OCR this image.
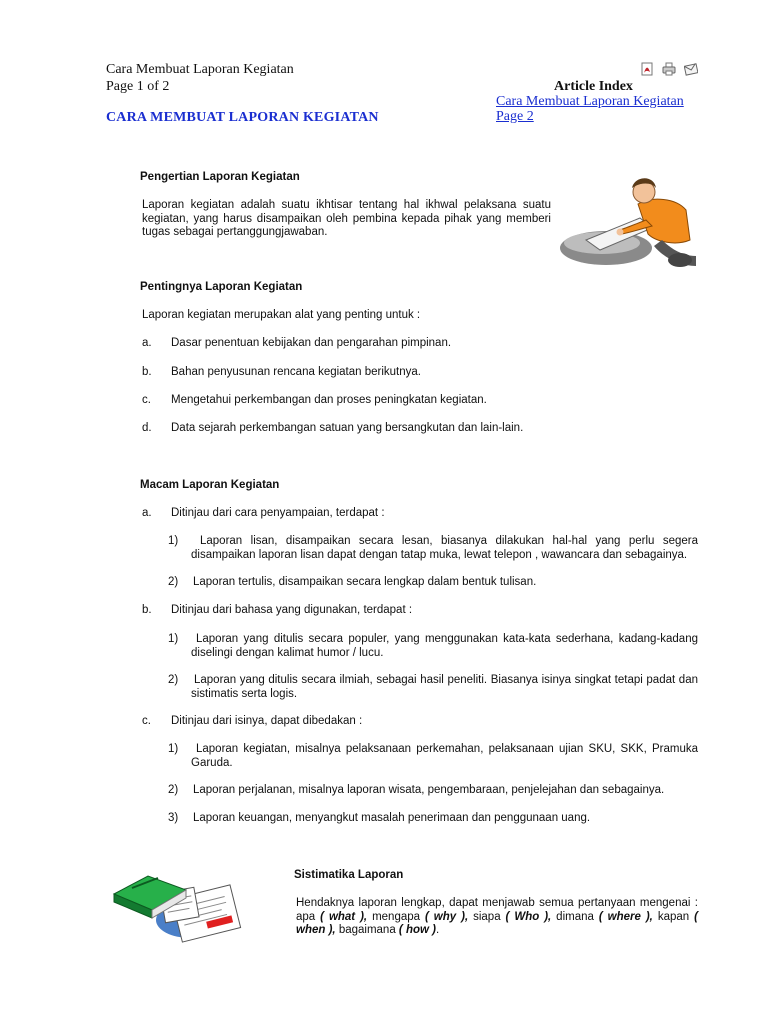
Cara Membuat Laporan Kegiatan
Page 1 of 2
CARA MEMBUAT LAPORAN KEGIATAN
Article Index
Cara Membuat Laporan Kegiatan
Page 2
Pengertian Laporan Kegiatan
Laporan kegiatan adalah suatu ikhtisar tentang hal ikhwal pelaksana suatu kegiatan, yang harus disampaikan oleh pembina kepada pihak yang memberi tugas sebagai pertanggungjawaban.
Pentingnya Laporan Kegiatan
Laporan kegiatan merupakan alat yang penting untuk :
a. Dasar penentuan kebijakan dan pengarahan pimpinan.
b. Bahan penyusunan rencana kegiatan berikutnya.
c. Mengetahui perkembangan dan proses peningkatan kegiatan.
d. Data sejarah perkembangan satuan yang bersangkutan dan lain-lain.
Macam Laporan Kegiatan
a. Ditinjau dari cara penyampaian, terdapat :
1)	Laporan lisan, disampaikan secara lesan, biasanya dilakukan hal-hal yang perlu segera disampaikan laporan lisan dapat dengan tatap muka, lewat telepon , wawancara dan sebagainya.
2) Laporan tertulis, disampaikan secara lengkap dalam bentuk tulisan.
b. Ditinjau dari bahasa yang digunakan, terdapat :
1)	Laporan yang ditulis secara populer, yang menggunakan kata-kata sederhana, kadang-kadang diselingi dengan kalimat humor / lucu.
2) Laporan yang ditulis secara ilmiah, sebagai hasil peneliti. Biasanya isinya singkat tetapi padat dan sistimatis serta logis.
c. Ditinjau dari isinya, dapat dibedakan :
1)	Laporan kegiatan, misalnya pelaksanaan perkemahan, pelaksanaan ujian SKU, SKK, Pramuka Garuda.
2) Laporan perjalanan, misalnya laporan wisata, pengembaraan, penjelejahan dan sebagainya.
3) Laporan keuangan, menyangkut masalah penerimaan dan penggunaan uang.
Sistimatika Laporan
Hendaknya laporan lengkap, dapat menjawab semua pertanyaan mengenai : apa ( what ), mengapa ( why ), siapa ( Who ), dimana ( where ), kapan ( when ), bagaimana ( how ).
